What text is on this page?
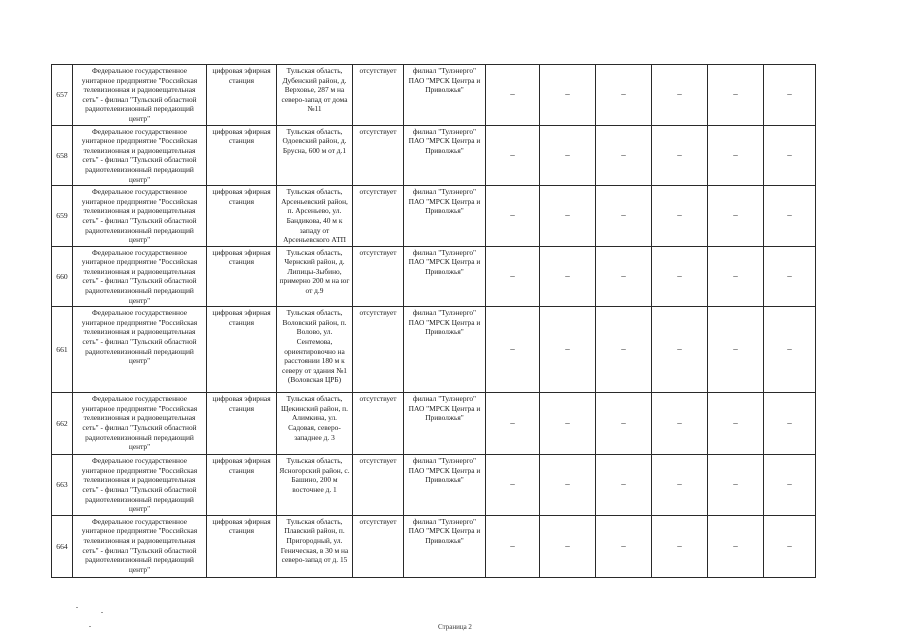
657	Федеральное государственное унитарное предприятие "Российская телевизионная и радиовещательная сеть" - филиал "Тульский областной радиотелевизионный передающий центр"	цифровая эфирная станция	Тульская область, Дубенский район, д. Верховье, 287 м на северо-запад от дома №11	отсутствует	филиал "Тулэнерго" ПАО "МРСК Центра и Приволжья"	–	–	–	–	–	–
658	Федеральное государственное унитарное предприятие "Российская телевизионная и радиовещательная сеть" - филиал "Тульский областной радиотелевизионный передающий центр"	цифровая эфирная станция	Тульская область, Одоевский район, д. Брусна, 600 м от д.1	отсутствует	филиал "Тулэнерго" ПАО "МРСК Центра и Приволжья"	–	–	–	–	–	–
659	Федеральное государственное унитарное предприятие "Российская телевизионная и радиовещательная сеть" - филиал "Тульский областной радиотелевизионный передающий центр"	цифровая эфирная станция	Тульская область, Арсеньевский район, п. Арсеньево, ул. Бандикова, 40 м к западу от Арсеньевского АТП	отсутствует	филиал "Тулэнерго" ПАО "МРСК Центра и Приволжья"	–	–	–	–	–	–
660	Федеральное государственное унитарное предприятие "Российская телевизионная и радиовещательная сеть" - филиал "Тульский областной радиотелевизионный передающий центр"	цифровая эфирная станция	Тульская область, Чернский район, д. Липицы-Зыбино, примерно 200 м на юг от д.9	отсутствует	филиал "Тулэнерго" ПАО "МРСК Центра и Приволжья"	–	–	–	–	–	–
661	Федеральное государственное унитарное предприятие "Российская телевизионная и радиовещательная сеть" - филиал "Тульский областной радиотелевизионный передающий центр"	цифровая эфирная станция	Тульская область, Воловский район, п. Волово, ул. Сентемова, ориентировочно на расстоянии 180 м к северу от здания №1 (Воловская ЦРБ)	отсутствует	филиал "Тулэнерго" ПАО "МРСК Центра и Приволжья"	–	–	–	–	–	–
662	Федеральное государственное унитарное предприятие "Российская телевизионная и радиовещательная сеть" - филиал "Тульский областной радиотелевизионный передающий центр"	цифровая эфирная станция	Тульская область, Щекинский район, п. Алимкина, ул. Садовая, северо-западнее д. 3	отсутствует	филиал "Тулэнерго" ПАО "МРСК Центра и Приволжья"	–	–	–	–	–	–
663	Федеральное государственное унитарное предприятие "Российская телевизионная и радиовещательная сеть" - филиал "Тульский областной радиотелевизионный передающий центр"	цифровая эфирная станция	Тульская область, Ясногорский район, с. Башино, 200 м восточнее д. 1	отсутствует	филиал "Тулэнерго" ПАО "МРСК Центра и Приволжья"	–	–	–	–	–	–
664	Федеральное государственное унитарное предприятие "Российская телевизионная и радиовещательная сеть" - филиал "Тульский областной радиотелевизионный передающий центр"	цифровая эфирная станция	Тульская область, Плавский район, п. Пригородный, ул. Геническая, в 30 м на северо-запад от д. 15	отсутствует	филиал "Тулэнерго" ПАО "МРСК Центра и Приволжья"	–	–	–	–	–	–
Страница 2
